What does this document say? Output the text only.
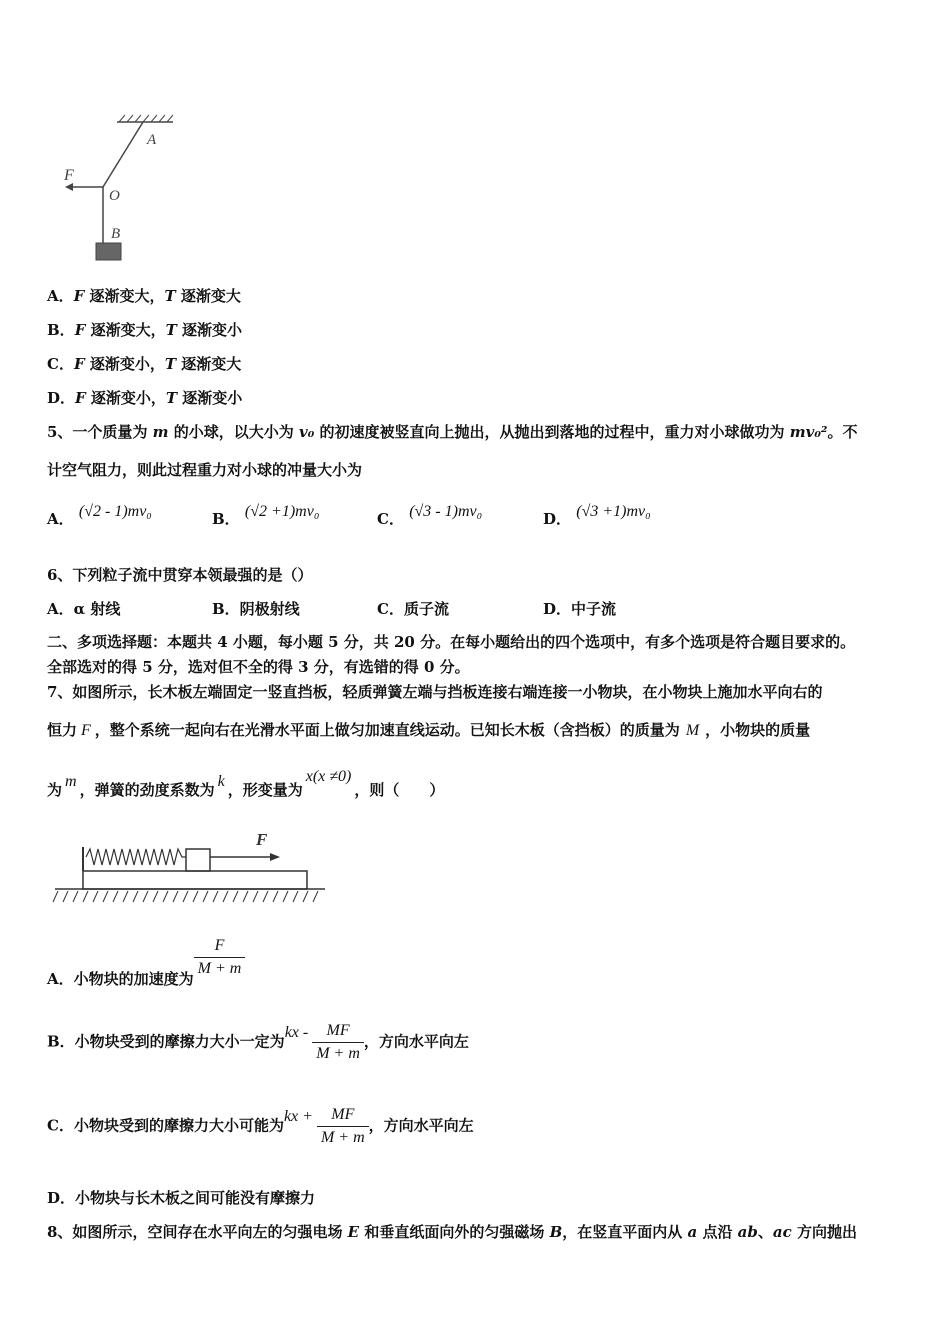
A
F
O
B
A．F 逐渐变大，T 逐渐变大
B．F 逐渐变大，T 逐渐变小
C．F 逐渐变小，T 逐渐变大
D．F 逐渐变小，T 逐渐变小
5、一个质量为 m 的小球，以大小为 v₀ 的初速度被竖直向上抛出，从抛出到落地的过程中，重力对小球做功为 mv₀²。不
计空气阻力，则此过程重力对小球的冲量大小为
A． (√2 - 1)mv₀	B． (√2 +1)mv₀	C． (√3 - 1)mv₀	D． (√3 +1)mv₀
6、下列粒子流中贯穿本领最强的是（）
A．α 射线	B．阴极射线	C．质子流	D．中子流
二、多项选择题：本题共 4 小题，每小题 5 分，共 20 分。在每小题给出的四个选项中，有多个选项是符合题目要求的。
全部选对的得 5 分，选对但不全的得 3 分，有选错的得 0 分。
7、如图所示，长木板左端固定一竖直挡板，轻质弹簧左端与挡板连接右端连接一小物块，在小物块上施加水平向右的
恒力 F ，整个系统一起向右在光滑水平面上做匀加速直线运动。已知长木板（含挡板）的质量为 M ，小物块的质量
为 m ，弹簧的劲度系数为 k ，形变量为x(x ≠0)，则（　　）
F
A．小物块的加速度为 $\frac{F}{M + m}$
B．小物块受到的摩擦力大小一定为kx - $\frac{MF}{M + m}$ ，方向水平向左
C．小物块受到的摩擦力大小可能为kx + $\frac{MF}{M + m}$ ，方向水平向左
D．小物块与长木板之间可能没有摩擦力
8、如图所示，空间存在水平向左的匀强电场 E 和垂直纸面向外的匀强磁场 B，在竖直平面内从 a 点沿 ab、ac 方向抛出
